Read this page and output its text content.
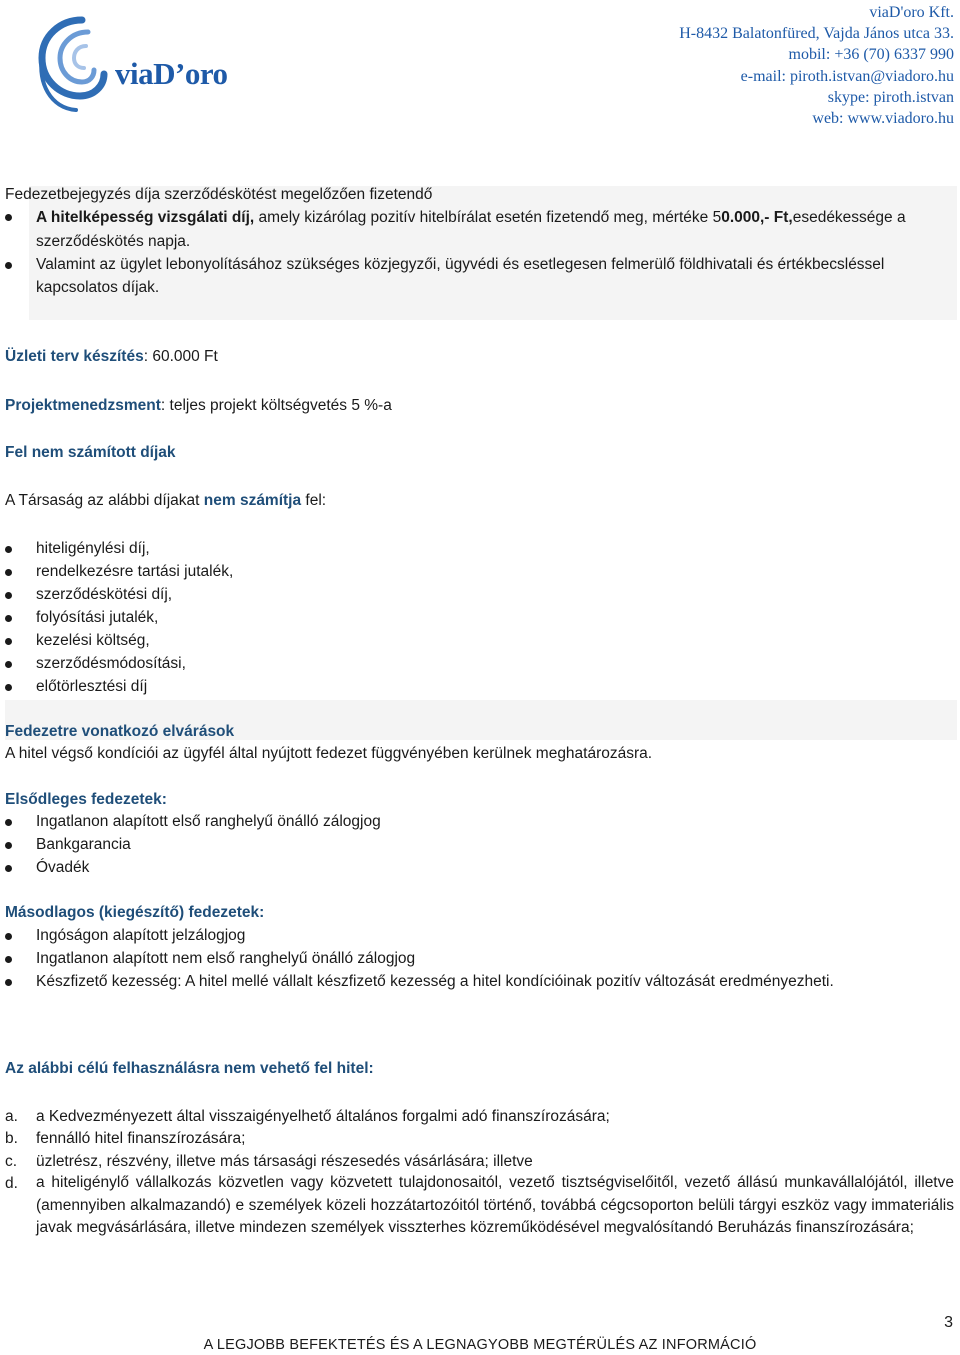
viaD’oro
viaD'oro Kft.
H-8432 Balatonfüred, Vajda János utca 33.
mobil: +36 (70) 6337 990
e-mail: piroth.istvan@viadoro.hu
skype: piroth.istvan
web: www.viadoro.hu
Fedezetbejegyzés díja szerződéskötést megelőzően fizetendő
A hitelképesség vizsgálati díj, amely kizárólag pozitív hitelbírálat esetén fizetendő meg, mértéke 50.000,- Ft,esedékessége a
szerződéskötés napja.
Valamint az ügylet lebonyolításához szükséges közjegyzői, ügyvédi és esetlegesen felmerülő földhivatali és értékbecsléssel
kapcsolatos díjak.
Üzleti terv készítés: 60.000 Ft
Projektmenedzsment: teljes projekt költségvetés 5 %-a
Fel nem számított díjak
A Társaság az alábbi díjakat nem számítja fel:
hiteligénylési díj,
rendelkezésre tartási jutalék,
szerződéskötési díj,
folyósítási jutalék,
kezelési költség,
szerződésmódosítási,
előtörlesztési díj
Fedezetre vonatkozó elvárások
A hitel végső kondíciói az ügyfél által nyújtott fedezet függvényében kerülnek meghatározásra.
Elsődleges fedezetek:
Ingatlanon alapított első ranghelyű önálló zálogjog
Bankgarancia
Óvadék
Másodlagos (kiegészítő) fedezetek:
Ingóságon alapított jelzálogjog
Ingatlanon alapított nem első ranghelyű önálló zálogjog
Készfizető kezesség: A hitel mellé vállalt készfizető kezesség a hitel kondícióinak pozitív változását eredményezheti.
Az alábbi célú felhasználásra nem vehető fel hitel:
a. a Kedvezményezett által visszaigényelhető általános forgalmi adó finanszírozására;
b. fennálló hitel finanszírozására;
c. üzletrész, részvény, illetve más társasági részesedés vásárlására; illetve
d. a hiteligénylő vállalkozás közvetlen vagy közvetett tulajdonosaitól, vezető tisztségviselőitől, vezető állású munkavállalójától, illetve (amennyiben alkalmazandó) e személyek közeli hozzátartozóitól történő, továbbá cégcsoporton belüli tárgyi eszköz vagy immateriális javak megvásárlására, illetve mindezen személyek visszterhes közreműködésével megvalósítandó Beruházás finanszírozására;
3
A LEGJOBB BEFEKTETÉS ÉS A LEGNAGYOBB MEGTÉRÜLÉS AZ INFORMÁCIÓ
